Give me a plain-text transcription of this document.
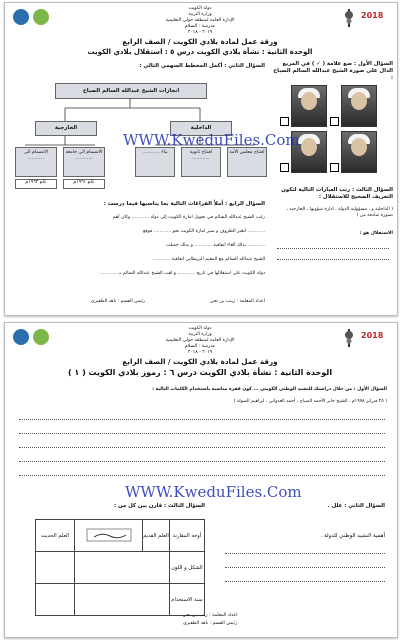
دولة الكويت
وزارة التربية
الإدارة العامة لمنطقة حولي التعليمية
مدرسة : السلام
٢٠١٩ - ٢٠١٨
2018
ورقة عمل لمادة بلادي الكويت / الصف الرابع
الوحدة الثانية : نشأة بلادي الكويت درس ٥ : استقلال بلادي الكويت
السؤال الأول : ضع علامة ( ✓ ) في المربع الدال على صورة الشيخ عبدالله السالم الصباح :
السؤال الثاني : أكمل المخطط السهمي التالي :
انجازات الشيخ عبدالله السالم الصباح
الخارجية	الداخلية
الانضمام الى ............
الانضمام الى جامعة ............
بناء ............	افتتاح ثانوية ............
افتتاح مجلس الأمة
عام ١٩٦٣م	عام ١٩٦١م
WWW.KweduFiles.Com
السؤال الثالث : رتب العبارات التالية لتكون التعريف الصحيح للاستقلال :
( الداخلية و ، مسؤولية الدولة ، ادارة شؤونها ، الخارجية ، بصورة صادقة من )
الاستقلال هو :
السؤال الرابع : أملأ الفراغات التالية بما يناسبها فيما درست :
رغب الشيخ عبدالله السالم في تحويل امارة الكويت إلى دولة ............ وكان أهم
............ لتغير الظروف و سير امارة الكويت نحو ............ فوقع
............ بدلك الغاء اتفاقية ............ و بدلك حصلت
الشيخ عبدالله السالم مع المقيم البريطاني اتفاقية ............
دولة الكويت على استقلالها في تاريخ ............ و لقب الشيخ عبدالله السالم بـ ............
اعداد المعلمة : زينب بن نجي
رئيس القسم : ناهد الظفيري
دولة الكويت
وزارة التربية
الإدارة العامة لمنطقة حولي التعليمية
مدرسة : السلام
٢٠١٩ - ٢٠١٨
2018
ورقة عمل لمادة بلادي الكويت / الصف الرابع
الوحدة الثانية : نشأة بلادي الكويت درس ٦ : رموز بلادي الكويت ( ١ )
السؤال الأول : من خلال دراستك للنشيد الوطني الكويتي ... كون فقرة مناسبة باستخدام الكلمات التالية :
( ٢٥ فبراير ١٩٧٨م ، الشيخ جابر الأحمد الصباح ، أحمد العدواني ، ابراهيم الصولة )
WWW.KweduFiles.Com
السؤال الثالث : قارن بين كل من :
العلم الحديث		العلم القديم	أوجه المقارنة
			الشكل و اللون
			سنة الاستخدام
السؤال الثاني : علل .
أهمية النشيد الوطني للدولة .
اعداد المعلمة : زينب بن نجي
رئيس القسم : ناهد الظفيري
